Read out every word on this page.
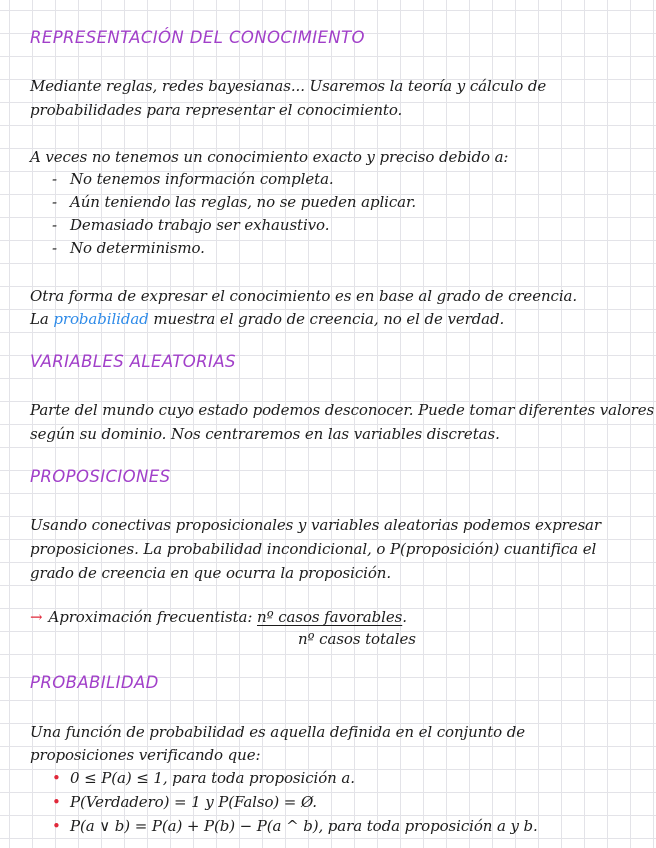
REPRESENTACIÓN DEL CONOCIMIENTO
Mediante reglas, redes bayesianas... Usaremos la teoría y cálculo de
probabilidades para representar el conocimiento.
A veces no tenemos un conocimiento exacto y preciso debido a:
- No tenemos información completa.
- Aún teniendo las reglas, no se pueden aplicar.
- Demasiado trabajo ser exhaustivo.
- No determinismo.
Otra forma de expresar el conocimiento es en base al grado de creencia.
La probabilidad muestra el grado de creencia, no el de verdad.
VARIABLES ALEATORIAS
Parte del mundo cuyo estado podemos desconocer. Puede tomar diferentes valores
según su dominio. Nos centraremos en las variables discretas.
PROPOSICIONES
Usando conectivas proposicionales y variables aleatorias podemos expresar
proposiciones. La probabilidad incondicional, o P(proposición) cuantifica el
grado de creencia en que ocurra la proposición.
→ Aproximación frecuentista: nº casos favorables.
nº casos totales
PROBABILIDAD
Una función de probabilidad es aquella definida en el conjunto de
proposiciones verificando que:
• 0 ≤ P(a) ≤ 1, para toda proposición a.
• P(Verdadero) = 1 y P(Falso) = Ø.
• P(a ∨ b) = P(a) + P(b) − P(a ^ b), para toda proposición a y b.
